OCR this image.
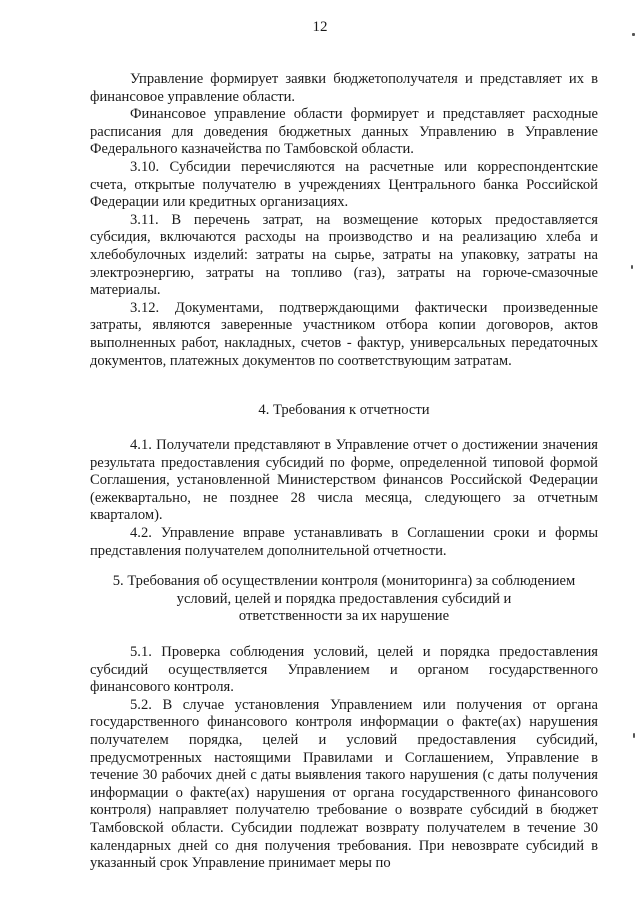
12

Управление формирует заявки бюджетополучателя и представляет их в финансовое управление области.

Финансовое управление области формирует и представляет расходные расписания для доведения бюджетных данных Управлению в Управление Федерального казначейства по Тамбовской области.

3.10. Субсидии перечисляются на расчетные или корреспондентские счета, открытые получателю в учреждениях Центрального банка Российской Федерации или кредитных организациях.

3.11. В перечень затрат, на возмещение которых предоставляется субсидия, включаются расходы на производство и на реализацию хлеба и хлебобулочных изделий: затраты на сырье, затраты на упаковку, затраты на электроэнергию, затраты на топливо (газ), затраты на горюче-смазочные материалы.

3.12. Документами, подтверждающими фактически произведенные затраты, являются заверенные участником отбора копии договоров, актов выполненных работ, накладных, счетов - фактур, универсальных передаточных документов, платежных документов по соответствующим затратам.

4. Требования к отчетности

4.1. Получатели представляют в Управление отчет о достижении значения результата предоставления субсидий по форме, определенной типовой формой Соглашения, установленной Министерством финансов Российской Федерации (ежеквартально, не позднее 28 числа месяца, следующего за отчетным кварталом).

4.2. Управление вправе устанавливать в Соглашении сроки и формы представления получателем дополнительной отчетности.

5. Требования об осуществлении контроля (мониторинга) за соблюдением
условий, целей и порядка предоставления субсидий и
ответственности за их нарушение

5.1. Проверка соблюдения условий, целей и порядка предоставления субсидий осуществляется Управлением и органом государственного финансового контроля.

5.2. В случае установления Управлением или получения от органа государственного финансового контроля информации о факте(ах) нарушения получателем порядка, целей и условий предоставления субсидий, предусмотренных настоящими Правилами и Соглашением, Управление в течение 30 рабочих дней с даты выявления такого нарушения (с даты получения информации о факте(ах) нарушения от органа государственного финансового контроля) направляет получателю требование о возврате субсидий в бюджет Тамбовской области. Субсидии подлежат возврату получателем в течение 30 календарных дней со дня получения требования. При невозврате субсидий в указанный срок Управление принимает меры по
